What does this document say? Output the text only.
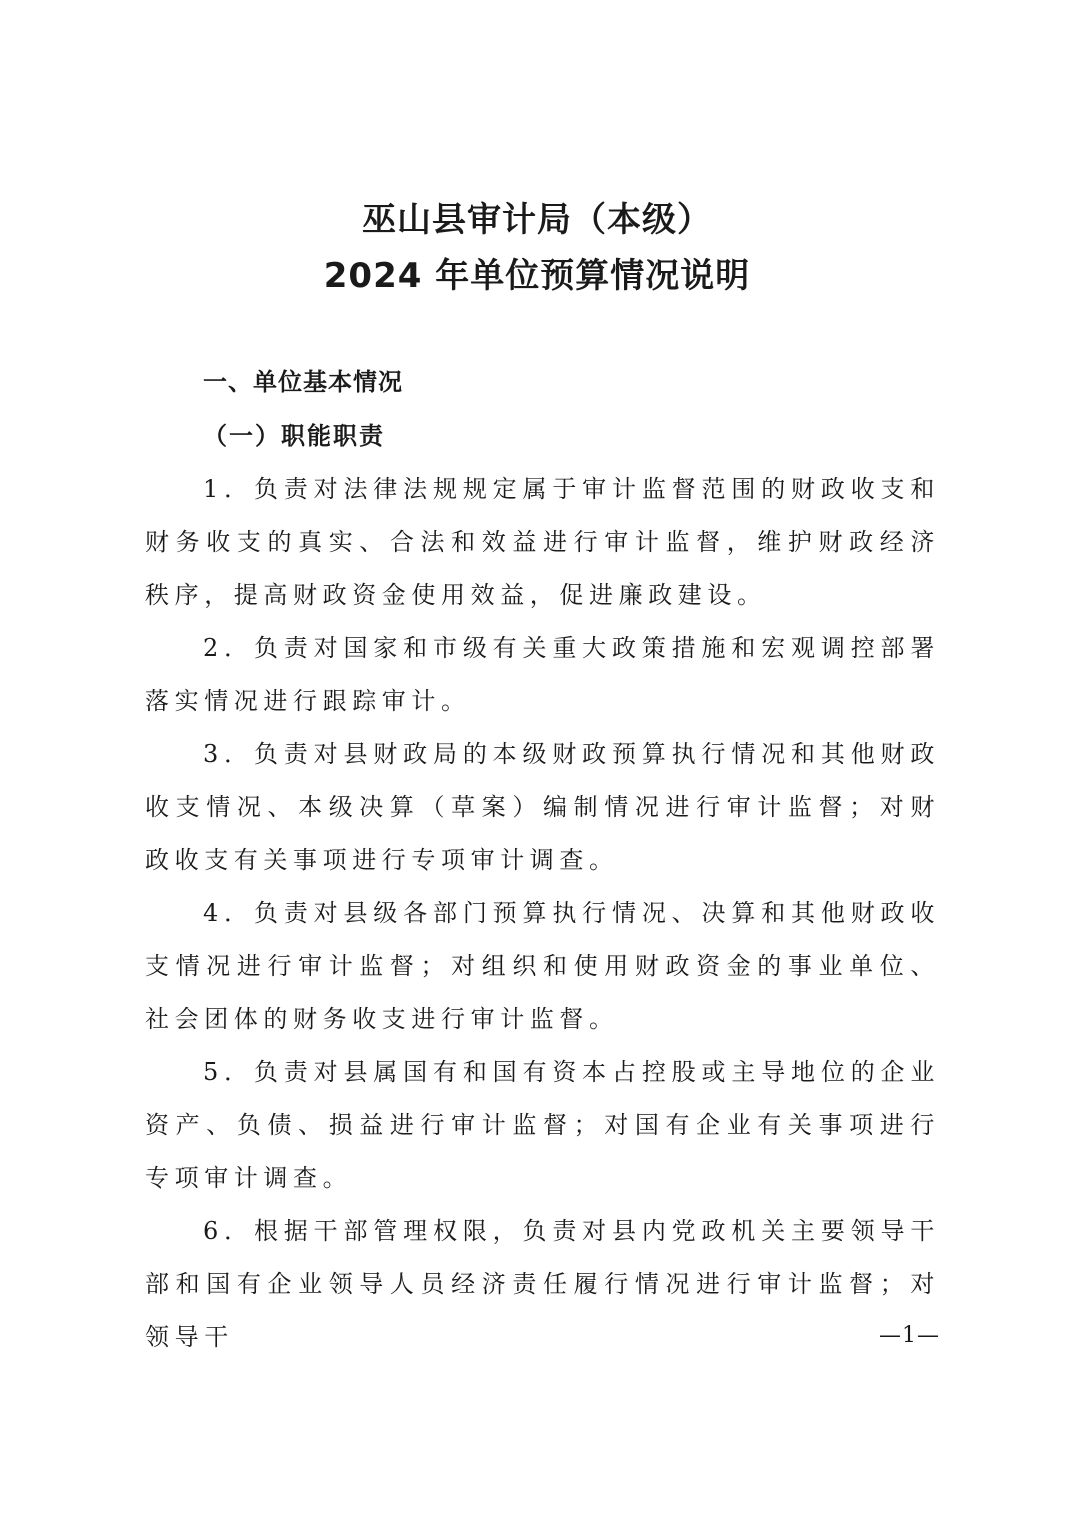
巫山县审计局（本级）
2024 年单位预算情况说明
一、单位基本情况
（一）职能职责

1．负责对法律法规规定属于审计监督范围的财政收支和财务收支的真实、合法和效益进行审计监督，维护财政经济秩序，提高财政资金使用效益，促进廉政建设。

2．负责对国家和市级有关重大政策措施和宏观调控部署落实情况进行跟踪审计。

3．负责对县财政局的本级财政预算执行情况和其他财政收支情况、本级决算（草案）编制情况进行审计监督；对财政收支有关事项进行专项审计调查。

4．负责对县级各部门预算执行情况、决算和其他财政收支情况进行审计监督；对组织和使用财政资金的事业单位、社会团体的财务收支进行审计监督。

5．负责对县属国有和国有资本占控股或主导地位的企业资产、负债、损益进行审计监督；对国有企业有关事项进行专项审计调查。

6．根据干部管理权限，负责对县内党政机关主要领导干部和国有企业领导人员经济责任履行情况进行审计监督；对领导干	—1—
